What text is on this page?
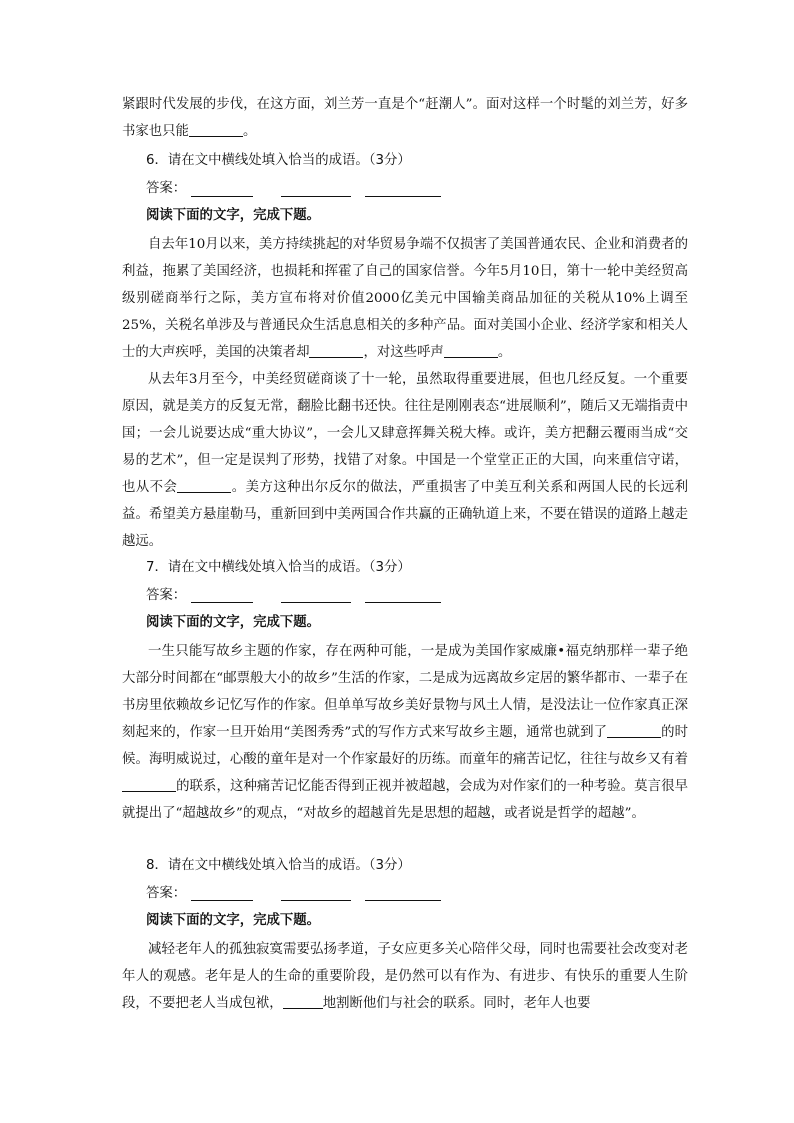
紧跟时代发展的步伐，在这方面，刘兰芳一直是个“赶潮人”。面对这样一个时髦的刘兰芳，好多书家也只能	。

6．请在文中横线处填入恰当的成语。（3分）

答案：

阅读下面的文字，完成下题。

自去年10月以来，美方持续挑起的对华贸易争端不仅损害了美国普通农民、企业和消费者的利益，拖累了美国经济，也损耗和挥霍了自己的国家信誉。今年5月10日，第十一轮中美经贸高级别磋商举行之际，美方宣布将对价值2000亿美元中国输美商品加征的关税从10%上调至25%，关税名单涉及与普通民众生活息息相关的多种产品。面对美国小企业、经济学家和相关人士的大声疾呼，美国的决策者却	，对这些呼声	。

从去年3月至今，中美经贸磋商谈了十一轮，虽然取得重要进展，但也几经反复。一个重要原因，就是美方的反复无常，翻脸比翻书还快。往往是刚刚表态“进展顺利”，随后又无端指责中国；一会儿说要达成“重大协议”，一会儿又肆意挥舞关税大棒。或许，美方把翻云覆雨当成“交易的艺术”，但一定是误判了形势，找错了对象。中国是一个堂堂正正的大国，向来重信守诺，也从不会	。美方这种出尔反尔的做法，严重损害了中美互利关系和两国人民的长远利益。希望美方悬崖勒马，重新回到中美两国合作共赢的正确轨道上来，不要在错误的道路上越走越远。

7．请在文中横线处填入恰当的成语。（3分）

答案：

阅读下面的文字，完成下题。

一生只能写故乡主题的作家，存在两种可能，一是成为美国作家威廉•福克纳那样一辈子绝大部分时间都在“邮票般大小的故乡”生活的作家，二是成为远离故乡定居的繁华都市、一辈子在书房里依赖故乡记忆写作的作家。但单单写故乡美好景物与风土人情，是没法让一位作家真正深刻起来的，作家一旦开始用“美图秀秀”式的写作方式来写故乡主题，通常也就到了	的时候。海明威说过，心酸的童年是对一个作家最好的历练。而童年的痛苦记忆，往往与故乡又有着的联系，这种痛苦记忆能否得到正视并被超越，会成为对作家们的一种考验。莫言很早就提出了“超越故乡”的观点，“对故乡的超越首先是思想的超越，或者说是哲学的超越”。

8．请在文中横线处填入恰当的成语。（3分）

答案：

阅读下面的文字，完成下题。

减轻老年人的孤独寂寞需要弘扬孝道，子女应更多关心陪伴父母，同时也需要社会改变对老年人的观感。老年是人的生命的重要阶段，是仍然可以有作为、有进步、有快乐的重要人生阶段，不要把老人当成包袱，	地割断他们与社会的联系。同时，老年人也要
